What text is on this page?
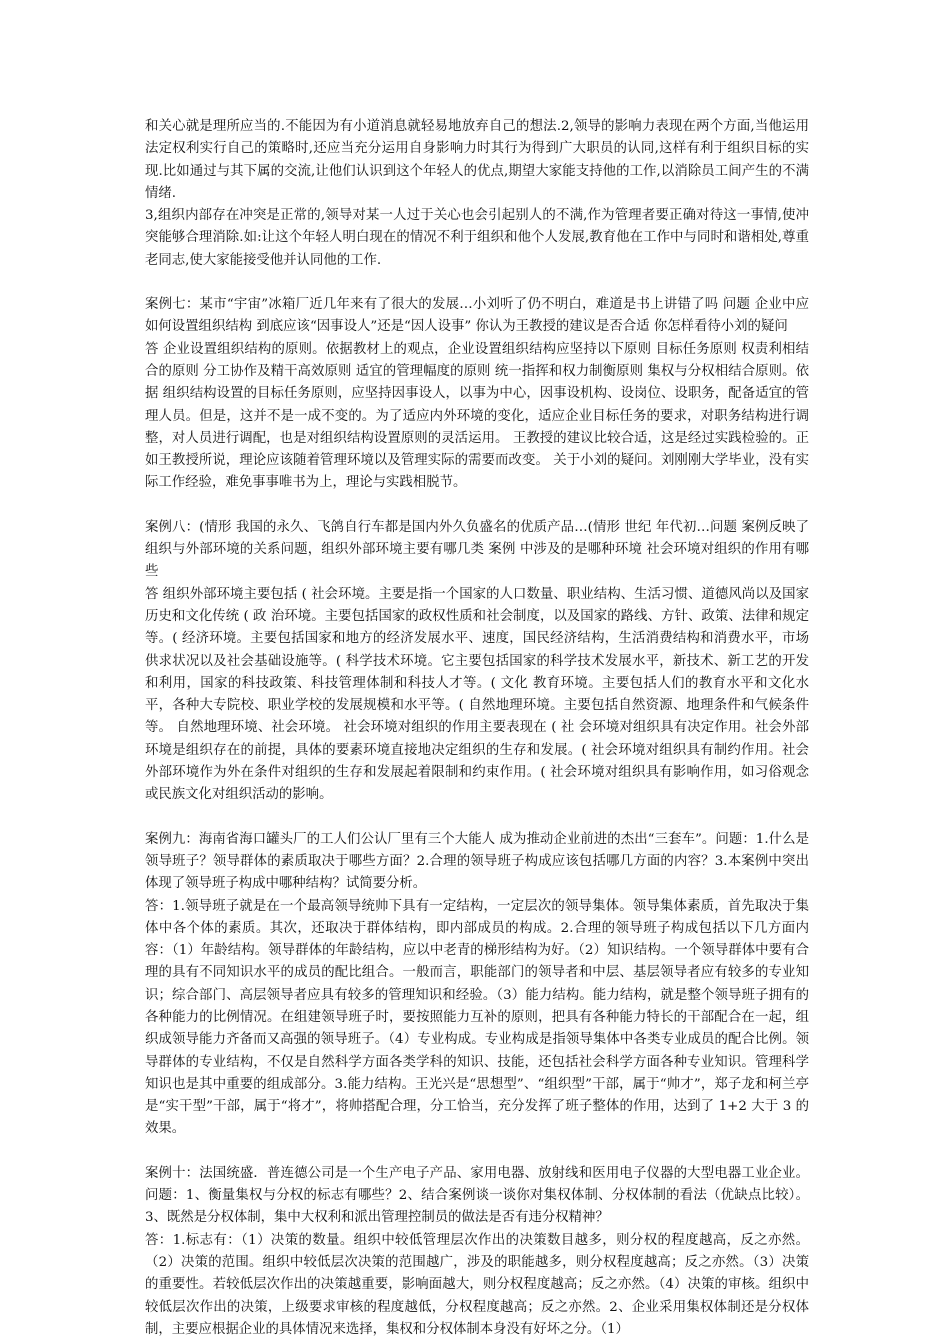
和关心就是理所应当的.不能因为有小道消息就轻易地放弃自己的想法.2,领导的影响力表现在两个方面,当他运用法定权利实行自己的策略时,还应当充分运用自身影响力时其行为得到广大职员的认同,这样有利于组织目标的实现.比如通过与其下属的交流,让他们认识到这个年轻人的优点,期望大家能支持他的工作,以消除员工间产生的不满情绪.

3,组织内部存在冲突是正常的,领导对某一人过于关心也会引起别人的不满,作为管理者要正确对待这一事情,使冲突能够合理消除.如:让这个年轻人明白现在的情况不利于组织和他个人发展,教育他在工作中与同时和谐相处,尊重老同志,使大家能接受他并认同他的工作.

案例七：某市“宇宙”冰箱厂近几年来有了很大的发展…小刘听了仍不明白，难道是书上讲错了吗 问题 企业中应如何设置组织结构 到底应该“因事设人”还是“因人设事” 你认为王教授的建议是否合适 你怎样看待小刘的疑问

答 企业设置组织结构的原则。依据教材上的观点，企业设置组织结构应坚持以下原则 目标任务原则 权责利相结合的原则 分工协作及精干高效原则 适宜的管理幅度的原则 统一指挥和权力制衡原则 集权与分权相结合原则。依据 组织结构设置的目标任务原则，应坚持因事设人，以事为中心，因事设机构、设岗位、设职务，配备适宜的管理人员。但是，这并不是一成不变的。为了适应内外环境的变化，适应企业目标任务的要求，对职务结构进行调整，对人员进行调配，也是对组织结构设置原则的灵活运用。 王教授的建议比较合适，这是经过实践检验的。正如王教授所说，理论应该随着管理环境以及管理实际的需要而改变。 关于小刘的疑问。刘刚刚大学毕业，没有实际工作经验，难免事事唯书为上，理论与实践相脱节。

案例八：(情形 我国的永久、飞鸽自行车都是国内外久负盛名的优质产品…(情形 世纪 年代初…问题 案例反映了组织与外部环境的关系问题，组织外部环境主要有哪几类 案例 中涉及的是哪种环境 社会环境对组织的作用有哪些

答 组织外部环境主要包括 ( 社会环境。主要是指一个国家的人口数量、职业结构、生活习惯、道德风尚以及国家历史和文化传统 ( 政 治环境。主要包括国家的政权性质和社会制度，以及国家的路线、方针、政策、法律和规定等。( 经济环境。主要包括国家和地方的经济发展水平、速度，国民经济结构，生活消费结构和消费水平，市场供求状况以及社会基础设施等。( 科学技术环境。它主要包括国家的科学技术发展水平，新技术、新工艺的开发和利用，国家的科技政策、科技管理体制和科技人才等。( 文化 教育环境。主要包括人们的教育水平和文化水平，各种大专院校、职业学校的发展规模和水平等。( 自然地理环境。主要包括自然资源、地理条件和气候条件等。 自然地理环境、社会环境。 社会环境对组织的作用主要表现在 ( 社 会环境对组织具有决定作用。社会外部环境是组织存在的前提，具体的要素环境直接地决定组织的生存和发展。( 社会环境对组织具有制约作用。社会外部环境作为外在条件对组织的生存和发展起着限制和约束作用。( 社会环境对组织具有影响作用，如习俗观念或民族文化对组织活动的影响。

案例九：海南省海口罐头厂的工人们公认厂里有三个大能人 成为推动企业前进的杰出“三套车”。问题：1.什么是领导班子？领导群体的素质取决于哪些方面？2.合理的领导班子构成应该包括哪几方面的内容？3.本案例中突出体现了领导班子构成中哪种结构？试简要分析。

答：1.领导班子就是在一个最高领导统帅下具有一定结构，一定层次的领导集体。领导集体素质，首先取决于集体中各个体的素质。其次，还取决于群体结构，即内部成员的构成。2.合理的领导班子构成包括以下几方面内容：（1）年龄结构。领导群体的年龄结构，应以中老青的梯形结构为好。（2）知识结构。一个领导群体中要有合理的具有不同知识水平的成员的配比组合。一般而言，职能部门的领导者和中层、基层领导者应有较多的专业知识；综合部门、高层领导者应具有较多的管理知识和经验。（3）能力结构。能力结构，就是整个领导班子拥有的各种能力的比例情况。在组建领导班子时，要按照能力互补的原则，把具有各种能力特长的干部配合在一起，组织成领导能力齐备而又高强的领导班子。（4）专业构成。专业构成是指领导集体中各类专业成员的配合比例。领导群体的专业结构，不仅是自然科学方面各类学科的知识、技能，还包括社会科学方面各种专业知识。管理科学知识也是其中重要的组成部分。3.能力结构。王光兴是“思想型”、“组织型”干部，属于“帅才”，郑子龙和柯兰亭是“实干型”干部，属于“将才”，将帅搭配合理，分工恰当，充分发挥了班子整体的作用，达到了 1+2 大于 3 的效果。

案例十：法国统盛．普连德公司是一个生产电子产品、家用电器、放射线和医用电子仪器的大型电器工业企业。问题：1、衡量集权与分权的标志有哪些？2、结合案例谈一谈你对集权体制、分权体制的看法（优缺点比较）。3、既然是分权体制，集中大权利和派出管理控制员的做法是否有违分权精神？

答：1.标志有：（1）决策的数量。组织中较低管理层次作出的决策数目越多，则分权的程度越高，反之亦然。（2）决策的范围。组织中较低层次决策的范围越广，涉及的职能越多，则分权程度越高；反之亦然。（3）决策的重要性。若较低层次作出的决策越重要，影响面越大，则分权程度越高；反之亦然。（4）决策的审核。组织中较低层次作出的决策，上级要求审核的程度越低，分权程度越高；反之亦然。2、企业采用集权体制还是分权体制，主要应根据企业的具体情况来选择，集权和分权体制本身没有好坏之分。（1）
